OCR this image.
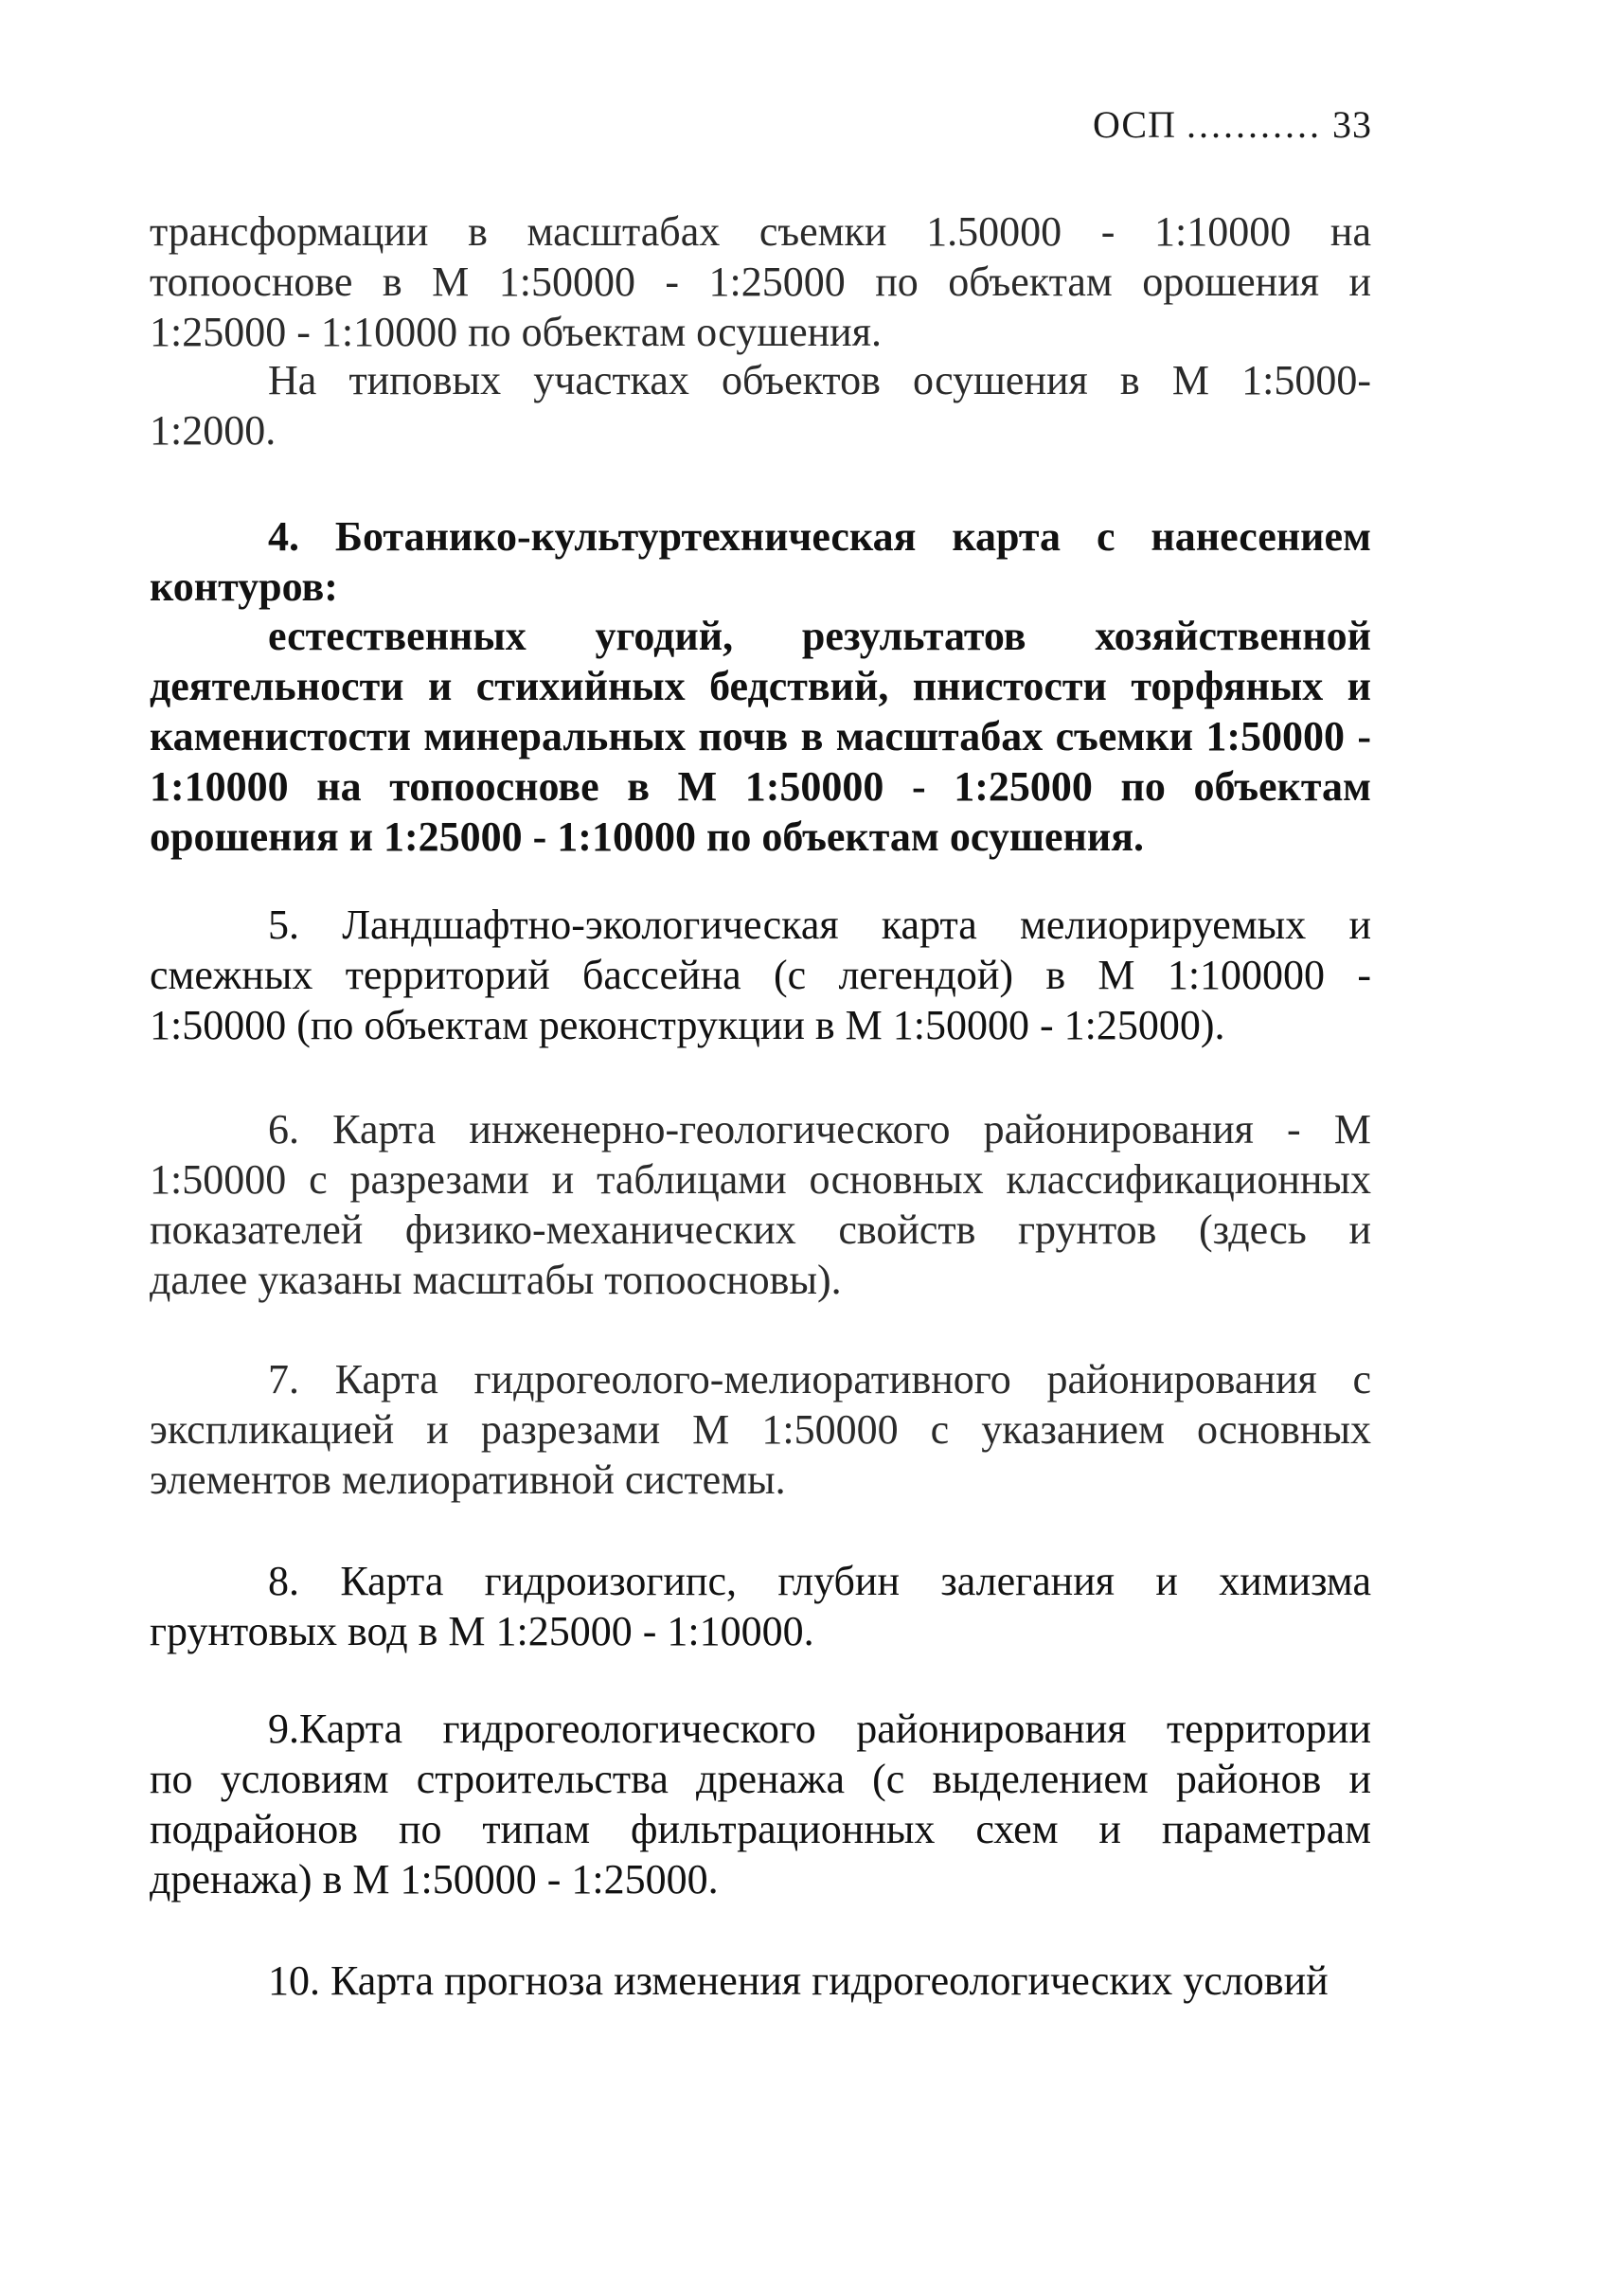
ОСП ........... 33
трансформации в масштабах съемки 1.50000 - 1:10000 на
топооснове в М 1:50000 - 1:25000 по объектам орошения и
1:25000 - 1:10000 по объектам осушения.
На типовых участках объектов осушения в М 1:5000-
1:2000.
4. Ботанико-культуртехническая карта с нанесением
контуров:
естественных угодий, результатов хозяйственной
деятельности и стихийных бедствий, пнистости торфяных и
каменистости минеральных почв в масштабах съемки 1:50000 -
1:10000 на топооснове в М 1:50000 - 1:25000 по объектам
орошения и 1:25000 - 1:10000 по объектам осушения.
5. Ландшафтно-экологическая карта мелиорируемых и
смежных территорий бассейна (с легендой) в М 1:100000 -
1:50000 (по объектам реконструкции в М 1:50000 - 1:25000).
6. Карта инженерно-геологического районирования - М
1:50000 с разрезами и таблицами основных классификационных
показателей физико-механических свойств грунтов (здесь и
далее указаны масштабы топоосновы).
7. Карта гидрогеолого-мелиоративного районирования с
экспликацией и разрезами М 1:50000 с указанием основных
элементов мелиоративной системы.
8. Карта гидроизогипс, глубин залегания и химизма
грунтовых вод в М 1:25000 - 1:10000.
9.Карта гидрогеологического районирования территории
по условиям строительства дренажа (с выделением районов и
подрайонов по типам фильтрационных схем и параметрам
дренажа) в М 1:50000 - 1:25000.
10. Карта прогноза изменения гидрогеологических условий
